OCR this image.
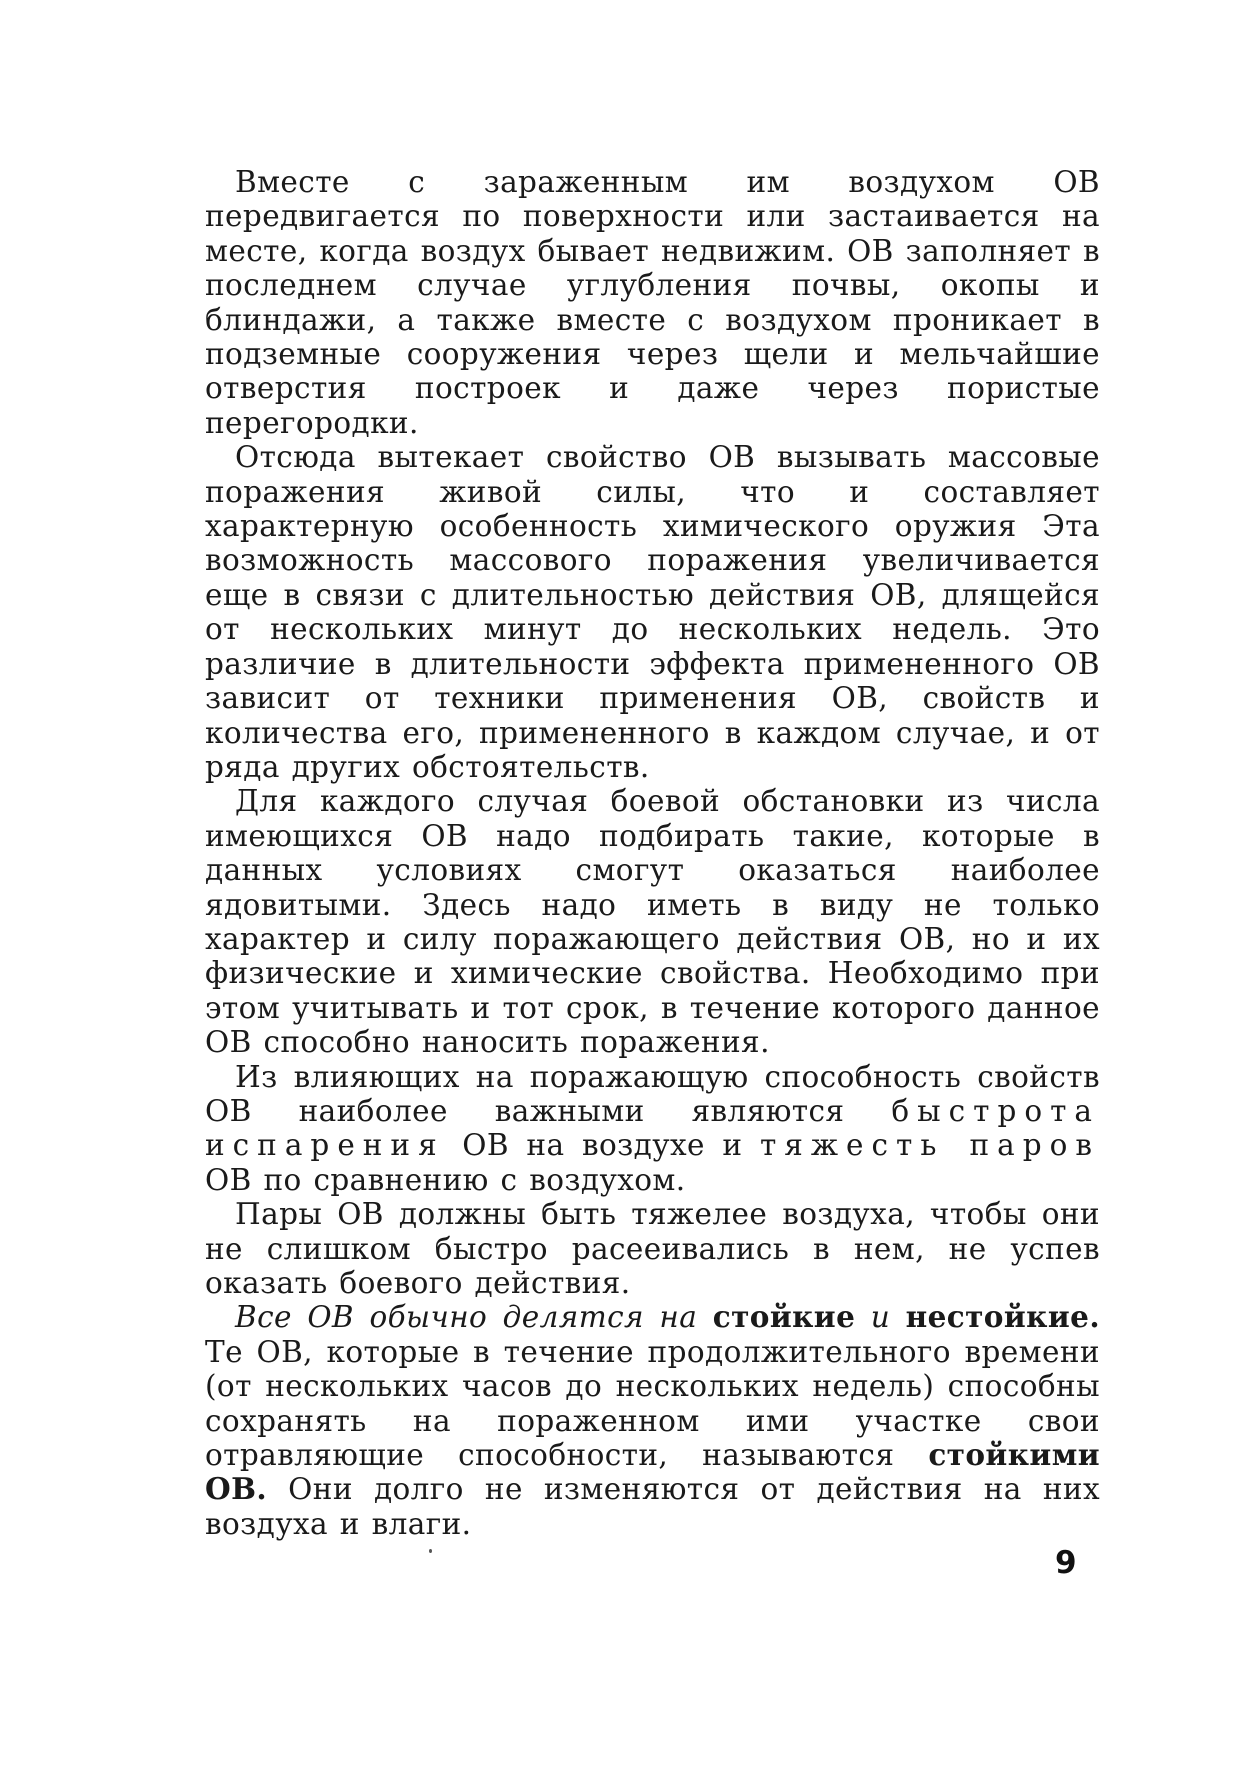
Вместе с зараженным им воздухом ОВ передвигается по поверхности или застаивается на месте, когда воздух бывает недвижим. ОВ заполняет в последнем случае углубления почвы, окопы и блиндажи, а также вместе с воздухом проникает в подземные сооружения через щели и мельчайшие отверстия построек и даже через пористые перегородки.

Отсюда вытекает свойство ОВ вызывать массовые поражения живой силы, что и составляет характерную особенность химического оружия Эта возможность массового поражения увеличивается еще в связи с длительностью действия ОВ, длящейся от нескольких минут до нескольких недель. Это различие в длительности эффекта примененного ОВ зависит от техники применения ОВ, свойств и количества его, примененного в каждом случае, и от ряда других обстоятельств.

Для каждого случая боевой обстановки из числа имеющихся ОВ надо подбирать такие, которые в данных условиях смогут оказаться наиболее ядовитыми. Здесь надо иметь в виду не только характер и силу поражающего действия ОВ, но и их физические и химические свойства. Необходимо при этом учитывать и тот срок, в течение которого данное ОВ способно наносить поражения.

Из влияющих на поражающую способность свойств ОВ наиболее важными являются быстрота испарения ОВ на воздухе и тяжесть паров ОВ по сравнению с воздухом.

Пары ОВ должны быть тяжелее воздуха, чтобы они не слишком быстро расеeивались в нем, не успев оказать боевого действия.

Все ОВ обычно делятся на стойкие и нестойкие. Те ОВ, которые в течение продолжительного времени (от нескольких часов до нескольких недель) способны сохранять на пораженном ими участке свои отравляющие способности, называются стойкими ОВ. Они долго не изменяются от действия на них воздуха и влаги.

9
